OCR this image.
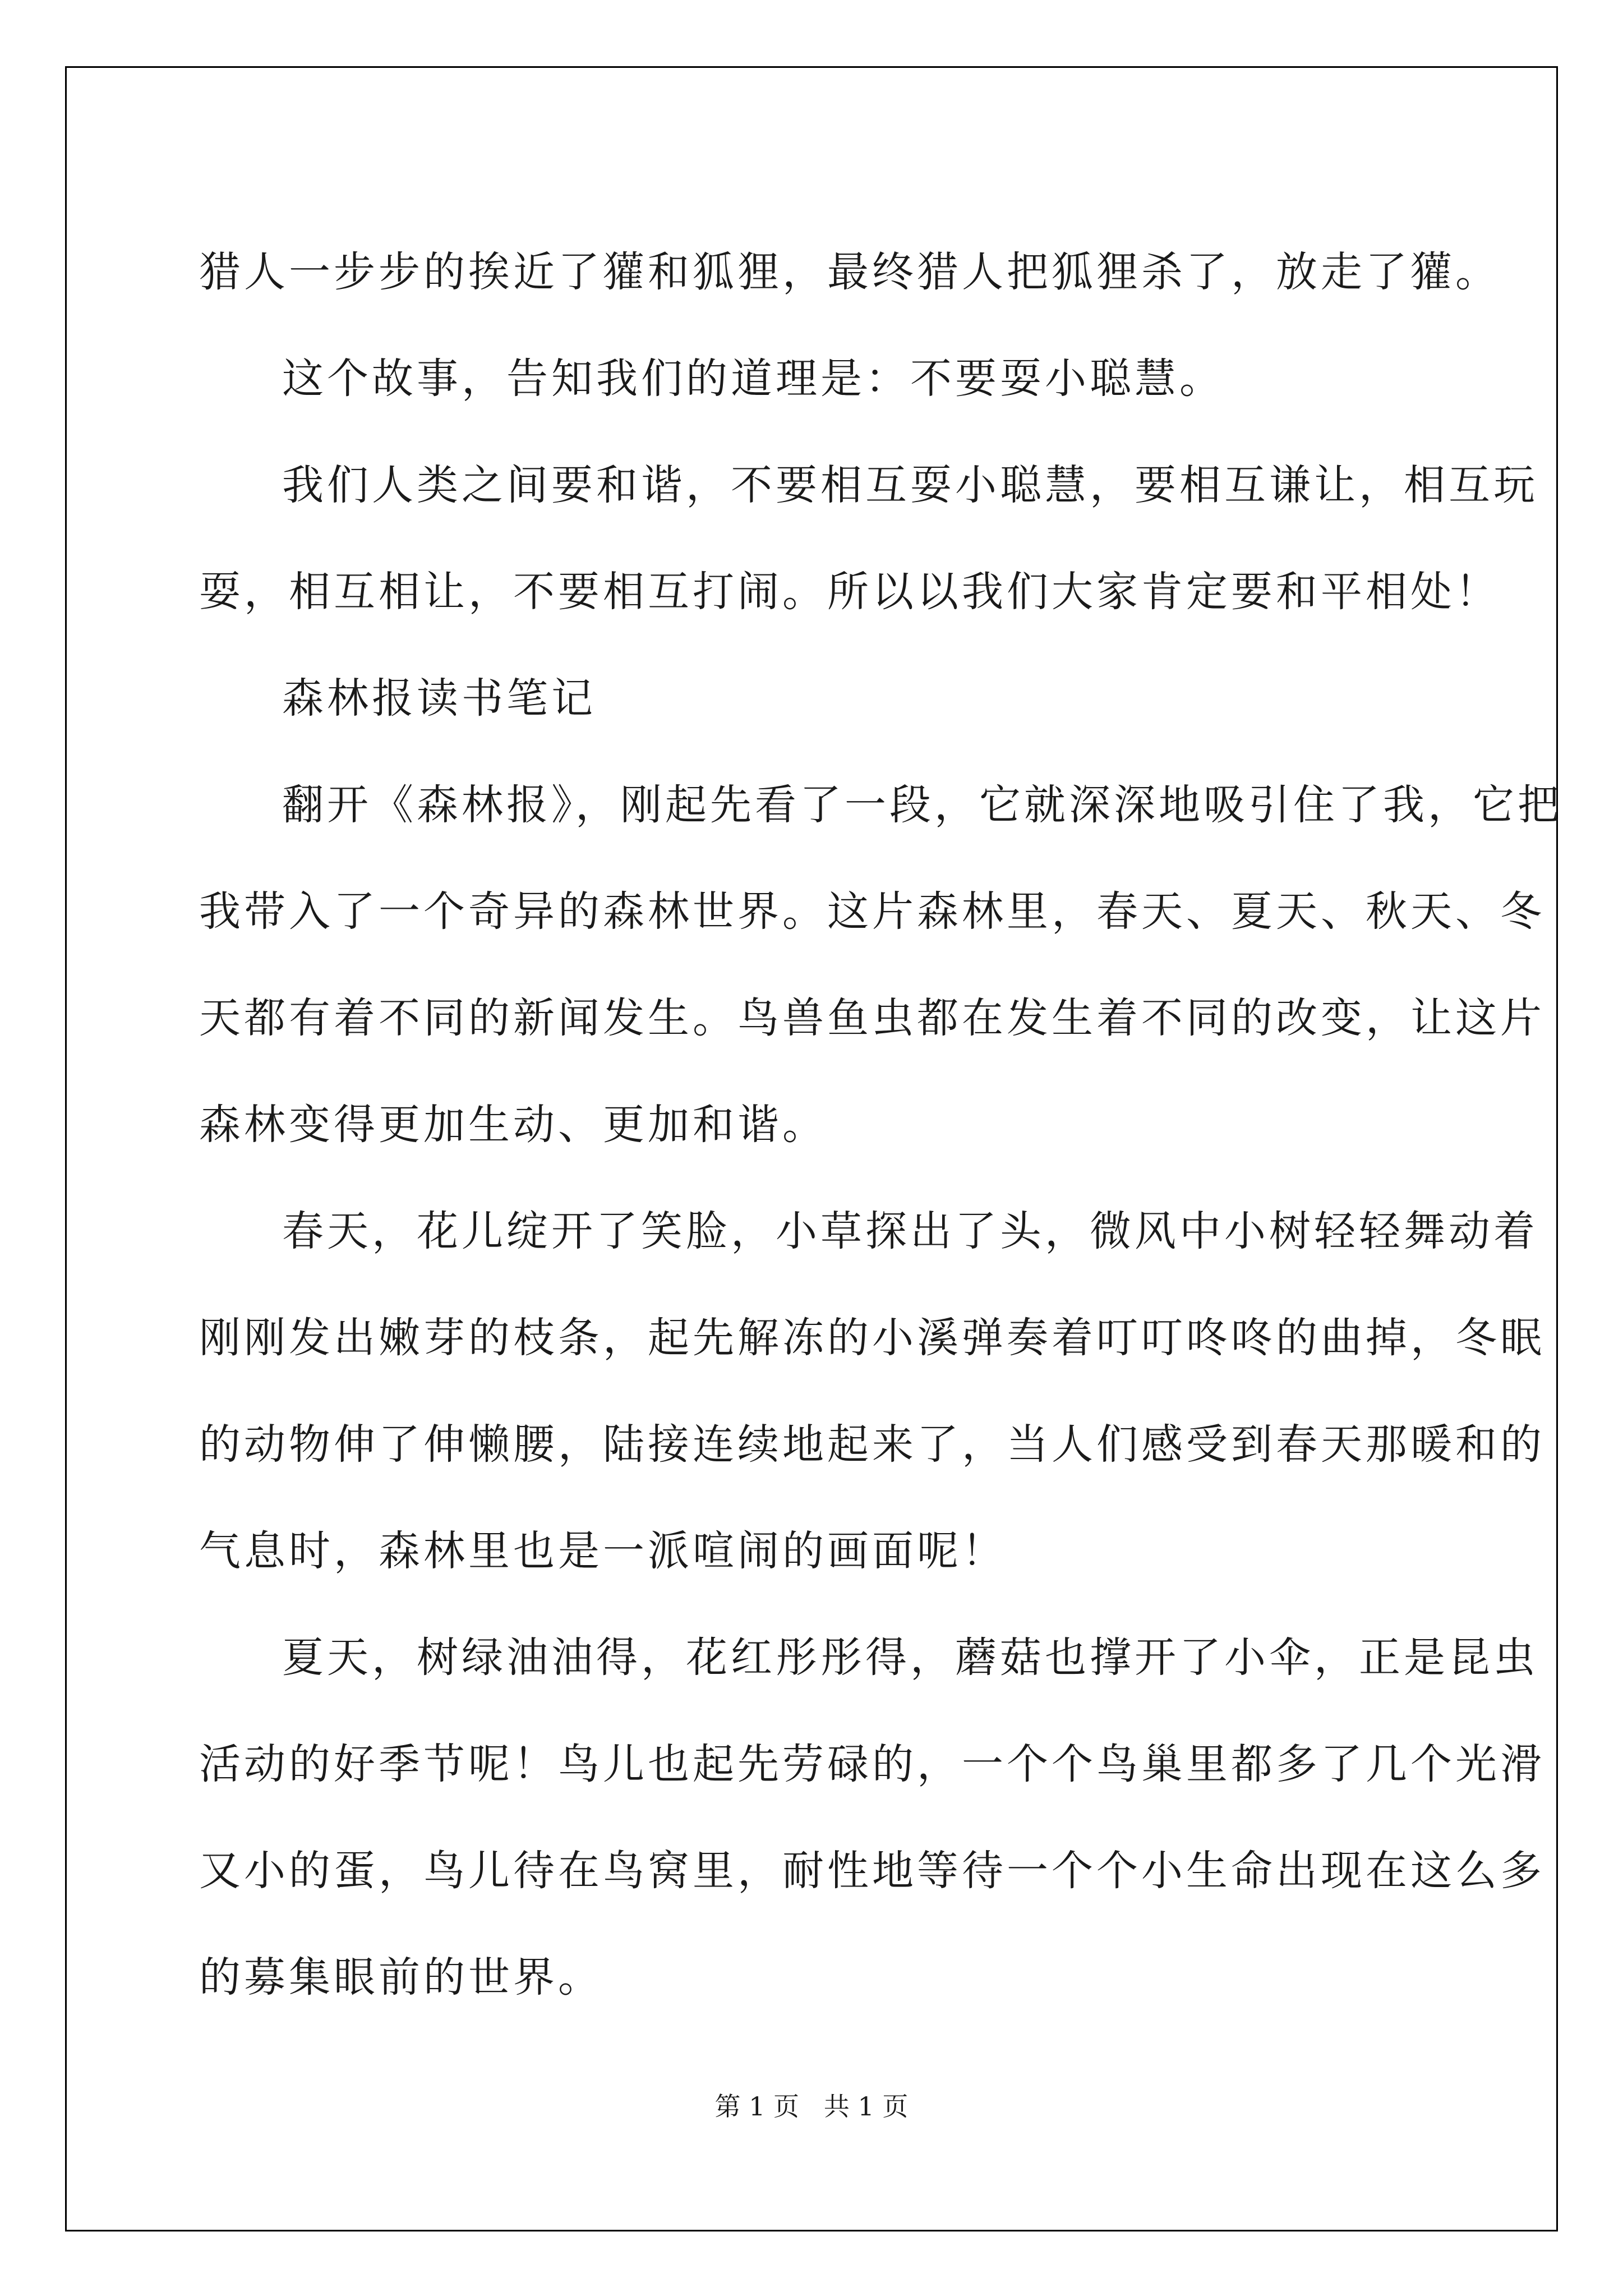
猎人一步步的挨近了獾和狐狸，最终猎人把狐狸杀了，放走了獾。
这个故事，告知我们的道理是：不要耍小聪慧。
我们人类之间要和谐，不要相互耍小聪慧，要相互谦让，相互玩
耍，相互相让，不要相互打闹。所以以我们大家肯定要和平相处！
森林报读书笔记
翻开《森林报》，刚起先看了一段，它就深深地吸引住了我，它把
我带入了一个奇异的森林世界。这片森林里，春天、夏天、秋天、冬
天都有着不同的新闻发生。鸟兽鱼虫都在发生着不同的改变，让这片
森林变得更加生动、更加和谐。
春天，花儿绽开了笑脸，小草探出了头，微风中小树轻轻舞动着
刚刚发出嫩芽的枝条，起先解冻的小溪弹奏着叮叮咚咚的曲掉，冬眠
的动物伸了伸懒腰，陆接连续地起来了，当人们感受到春天那暖和的
气息时，森林里也是一派喧闹的画面呢！
夏天，树绿油油得，花红彤彤得，蘑菇也撑开了小伞，正是昆虫
活动的好季节呢！鸟儿也起先劳碌的，一个个鸟巢里都多了几个光滑
又小的蛋，鸟儿待在鸟窝里，耐性地等待一个个小生命出现在这么多
的募集眼前的世界。
第 1 页   共 1 页
